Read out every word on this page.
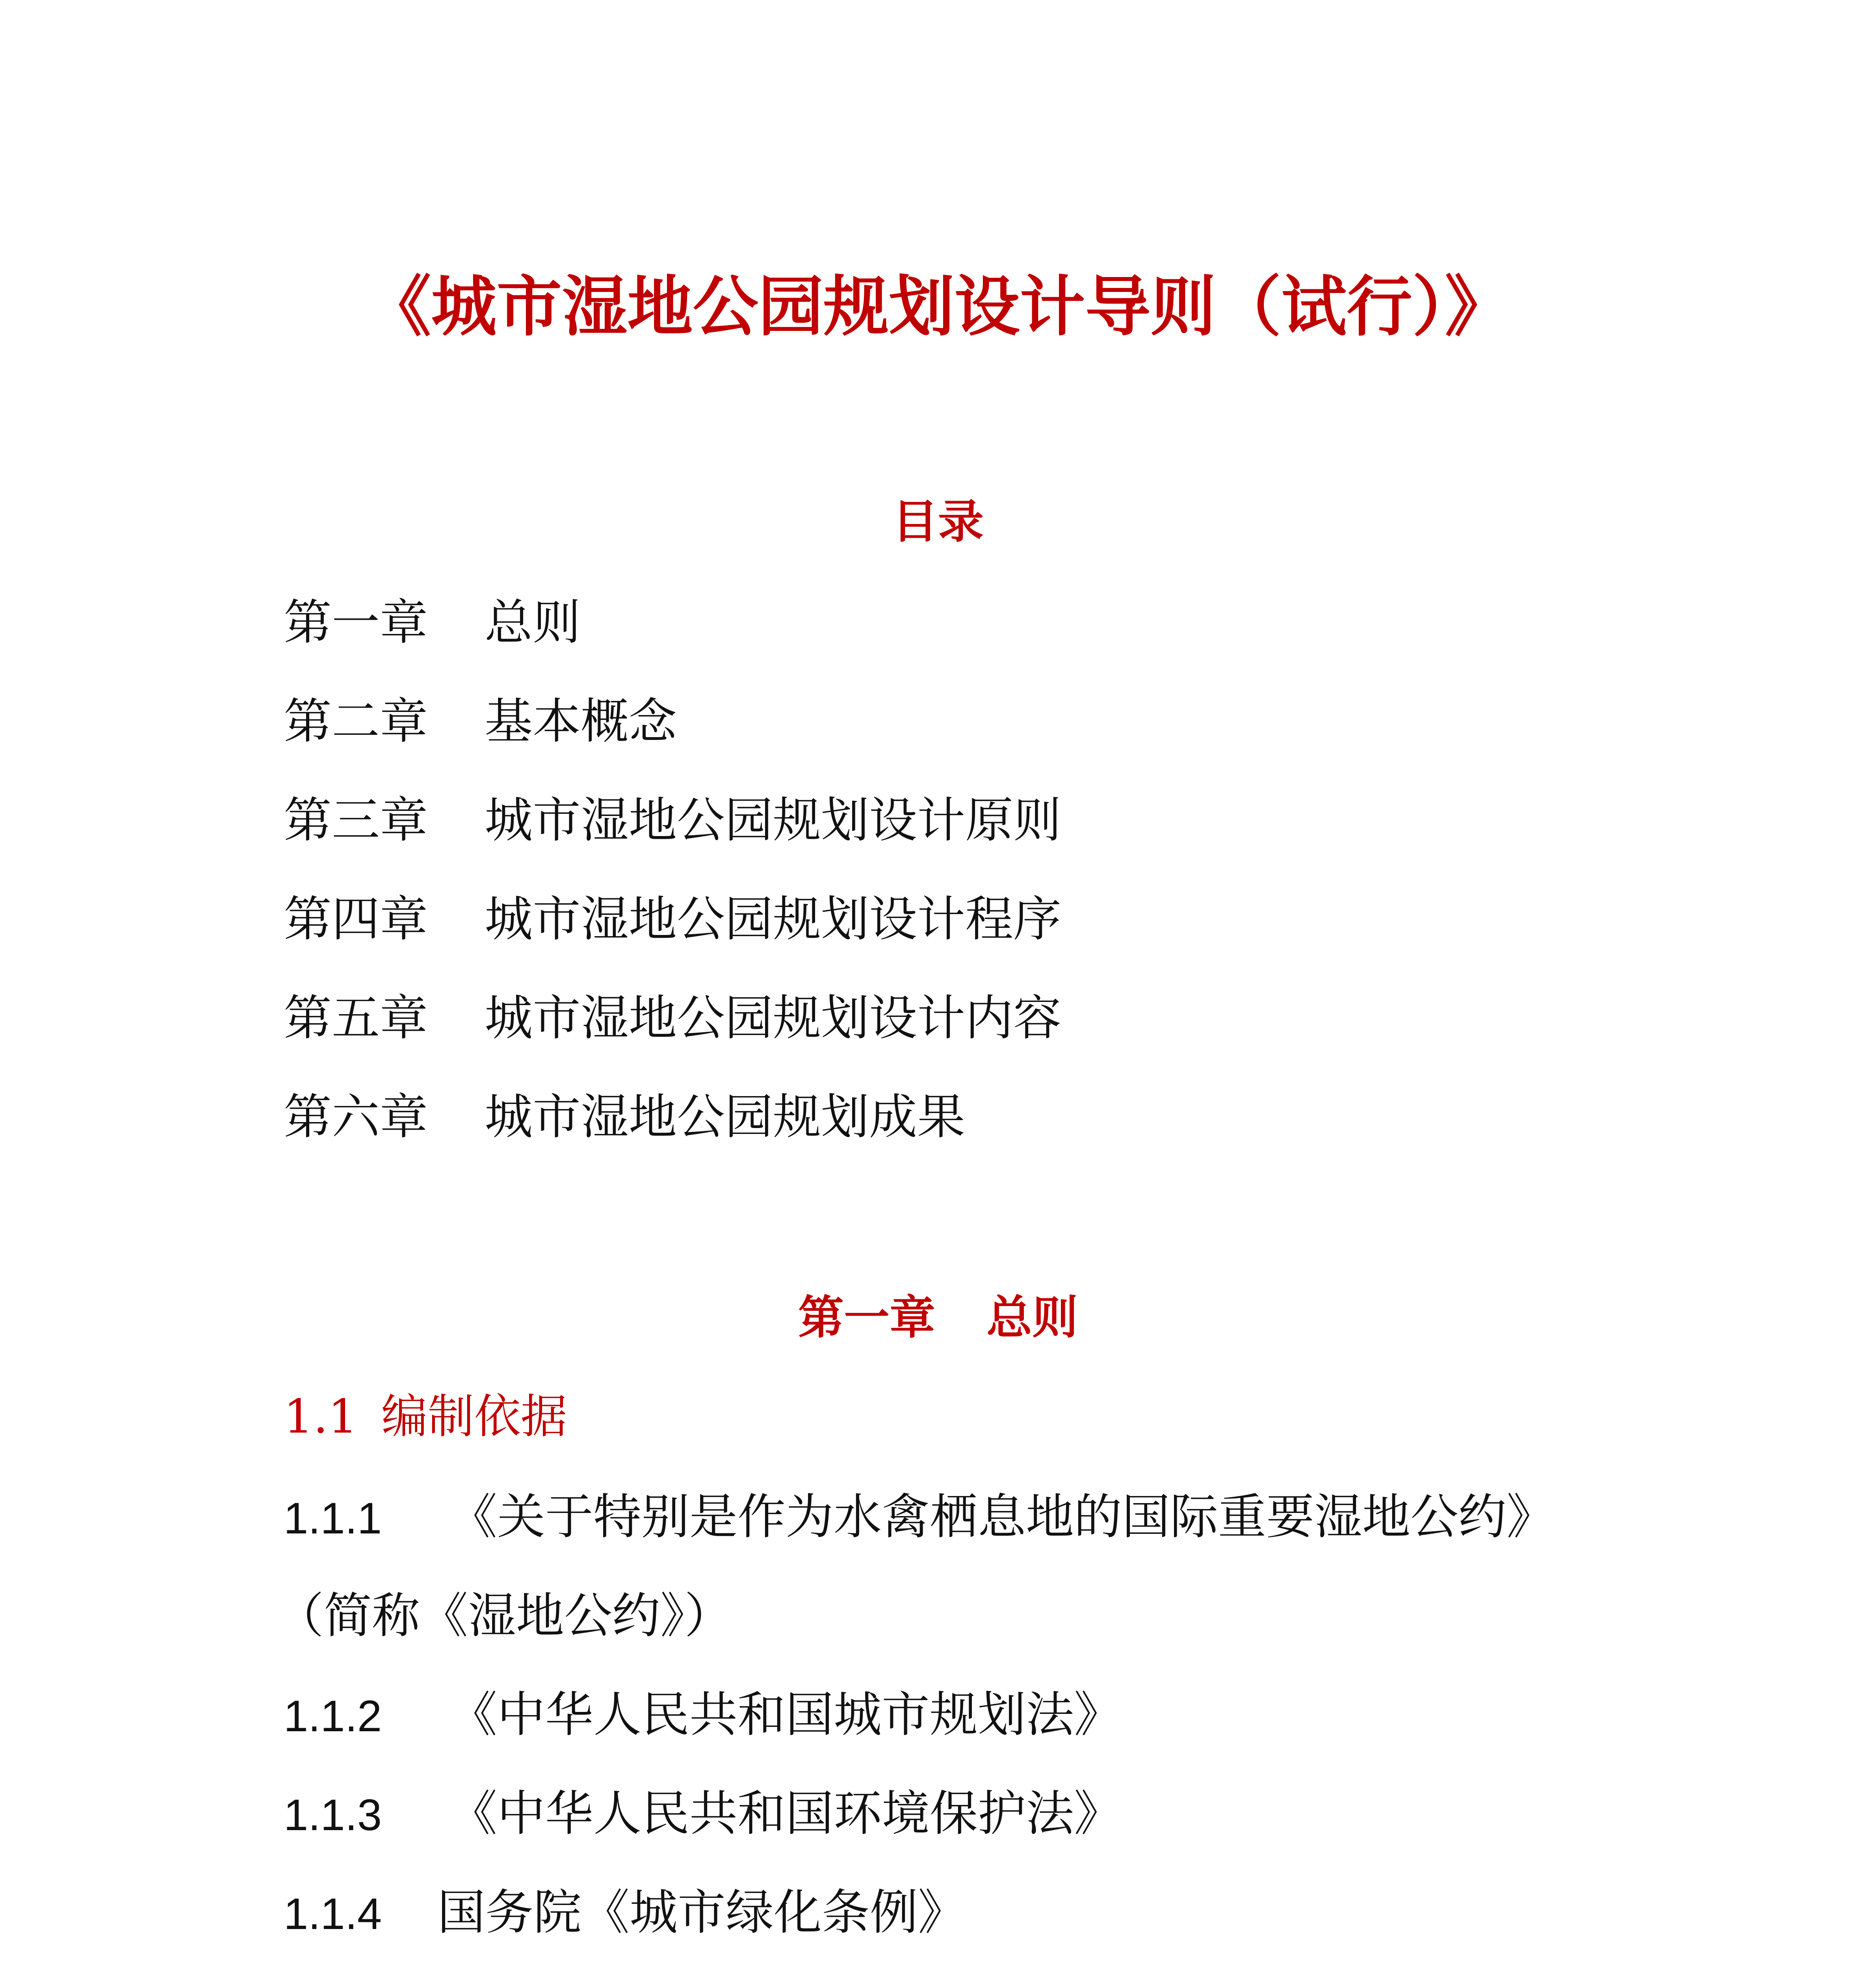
《城市湿地公园规划设计导则（试行）》
目录
第一章 总则
第二章 基本概念
第三章 城市湿地公园规划设计原则
第四章 城市湿地公园规划设计程序
第五章 城市湿地公园规划设计内容
第六章 城市湿地公园规划成果
第一章 总则
1.1 编制依据
1.1.1 《关于特别是作为水禽栖息地的国际重要湿地公约》
（简称《湿地公约》）
1.1.2 《中华人民共和国城市规划法》
1.1.3 《中华人民共和国环境保护法》
1.1.4 国务院《城市绿化条例》
